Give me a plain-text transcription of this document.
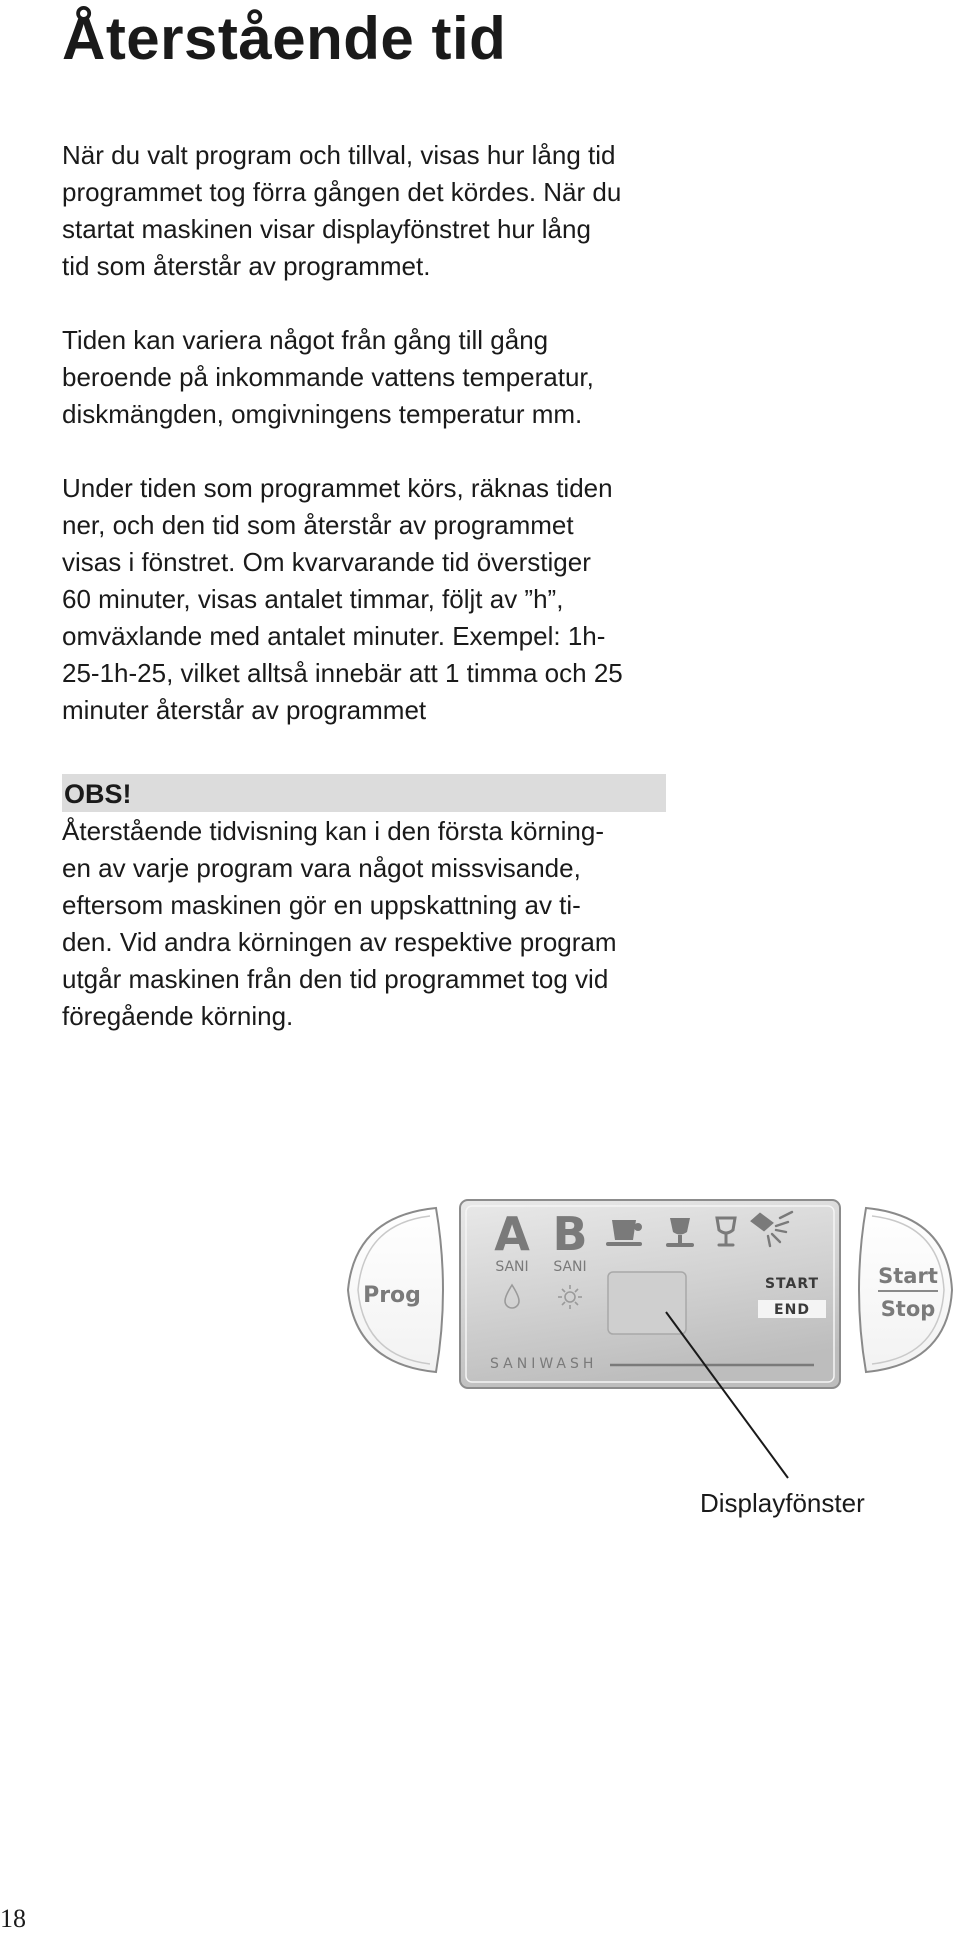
Återstående tid
När du valt program och tillval, visas hur lång tid
programmet tog förra gången det kördes. När du
startat maskinen visar displayfönstret hur lång
tid som återstår av programmet.
Tiden kan variera något från gång till gång
beroende på inkommande vattens temperatur,
diskmängden, omgivningens temperatur mm.
Under tiden som programmet körs, räknas tiden
ner, och den tid som återstår av programmet
visas i fönstret. Om kvarvarande tid överstiger
60 minuter, visas antalet timmar, följt av ”h”,
omväxlande med antalet minuter. Exempel: 1h-
25-1h-25, vilket alltså innebär att 1 timma och 25
minuter återstår av programmet

OBS!

Återstående tidvisning kan i den första körning-
en av varje program vara något missvisande,
eftersom maskinen gör en uppskattning av ti-
den. Vid andra körningen av respektive program
utgår maskinen från den tid programmet tog vid
föregående körning.
Prog
A B
SANI SANI
START
END
SANIWASH
Start
Stop

Displayfönster

18
